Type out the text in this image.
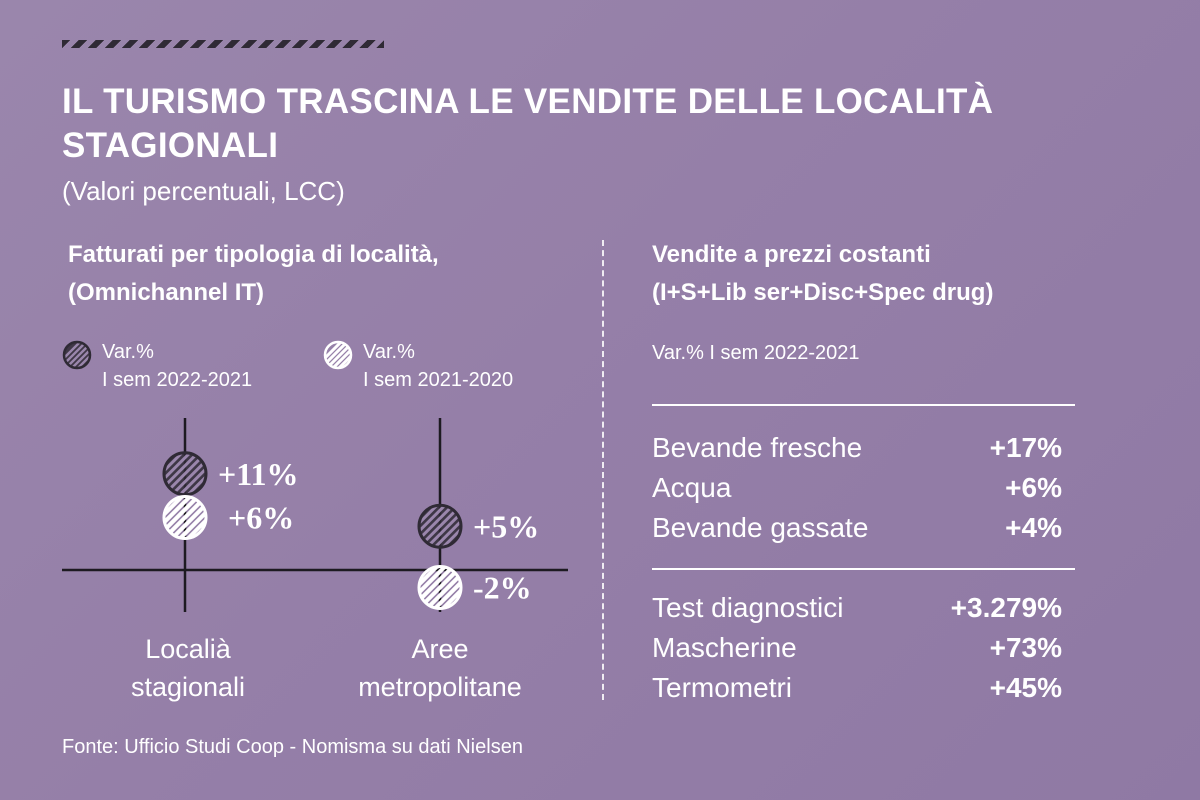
IL TURISMO TRASCINA LE VENDITE DELLE LOCALITÀ STAGIONALI
(Valori percentuali, LCC)
Fatturati per tipologia di località,
(Omnichannel IT)
Vendite a prezzi costanti
(I+S+Lib ser+Disc+Spec drug)
Var.%
I sem 2022-2021
Var.%
I sem 2021-2020
+11%
+5%
+6%
-2%
Localià
stagionali
Aree
metropolitane
Var.% I sem 2022-2021
Bevande fresche	+17%
Acqua	+6%
Bevande gassate	+4%
Test diagnostici	+3.279%
Mascherine	+73%
Termometri	+45%
Fonte: Ufficio Studi Coop - Nomisma su dati Nielsen
